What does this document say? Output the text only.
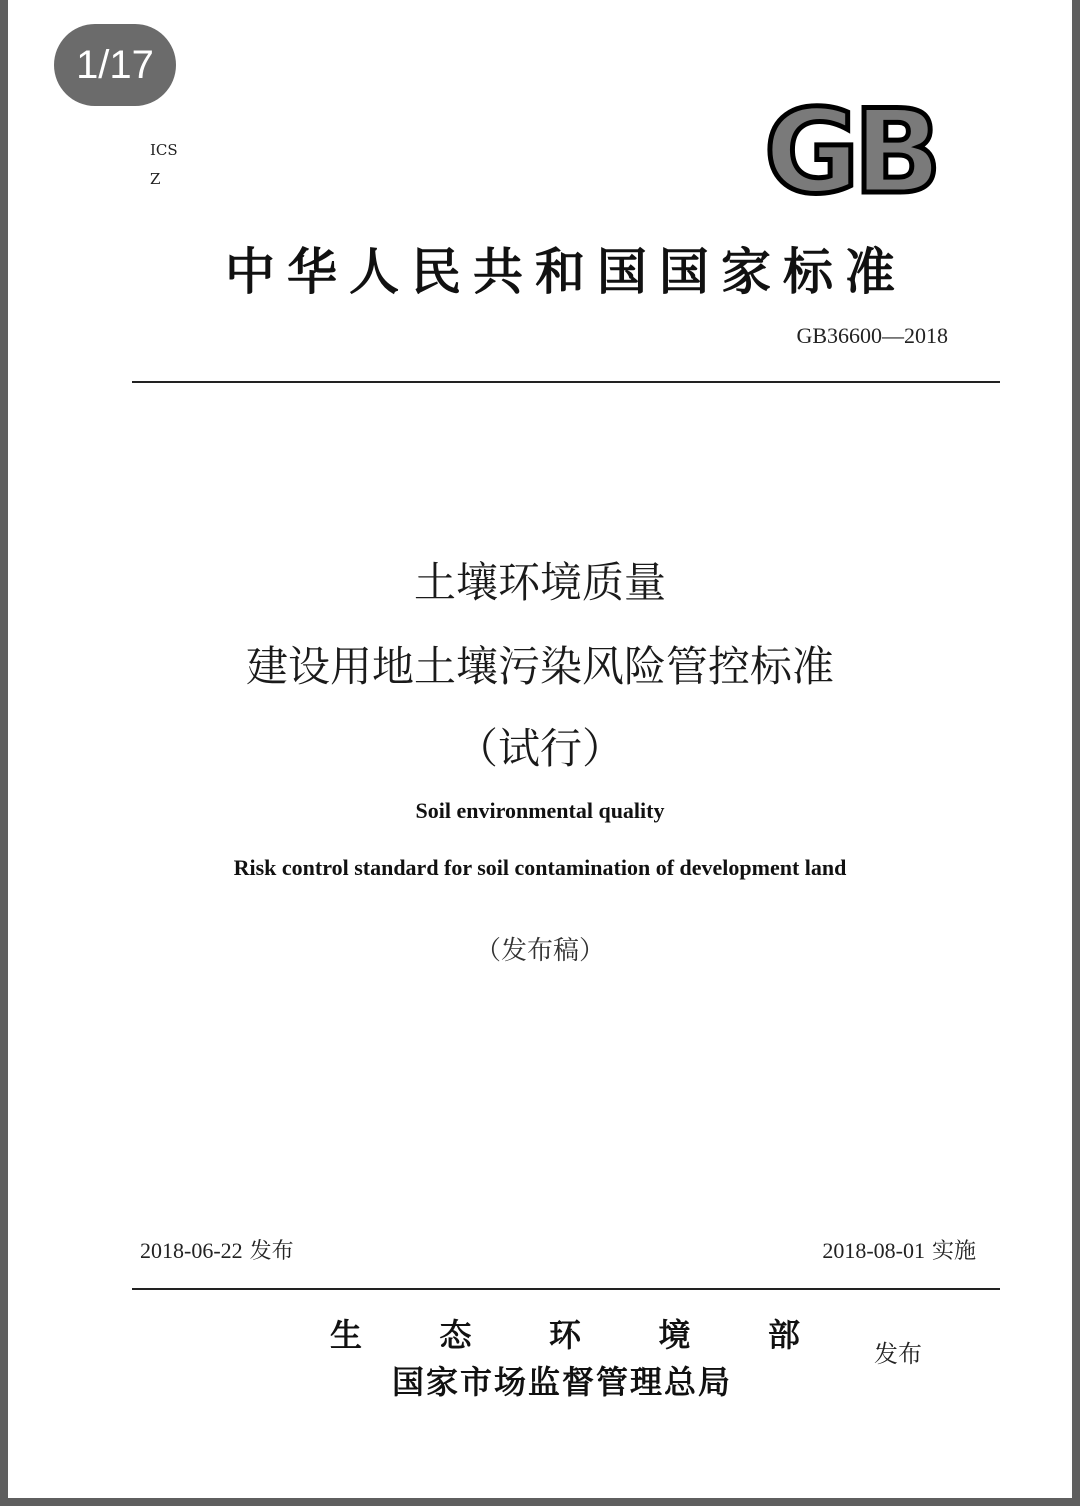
1/17
ICS
Z	GB
中华人民共和国国家标准
GB36600—2018
土壤环境质量
建设用地土壤污染风险管控标准
（试行）
Soil environmental quality
Risk control standard for soil contamination of development land
（发布稿）
2018-06-22 发布	2018-08-01 实施
生 态 环 境 部
国家市场监督管理总局
发布
